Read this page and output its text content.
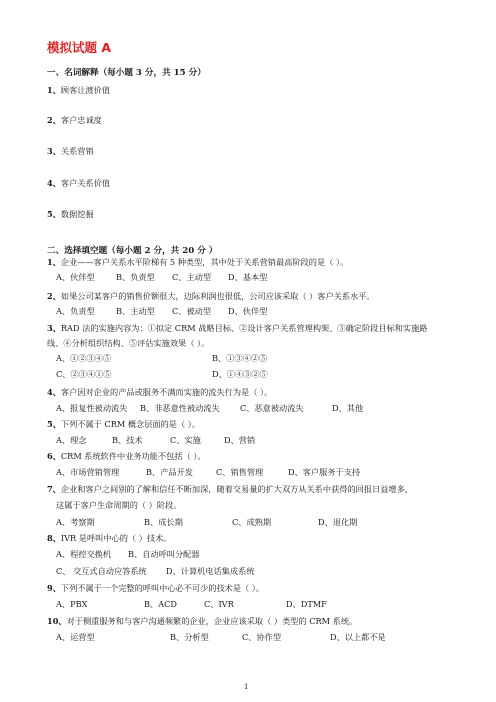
模拟试题 A
一、名词解释（每小题 3 分，共 15 分）
1、顾客让渡价值
2、客户忠诚度
3、关系营销
4、客户关系价值
5、数据挖掘
二、选择填空题（每小题 2 分，共 20 分 ）
1、企业——客户关系水平阶梯有 5 种类型，其中处于关系营销最高阶段的是（ ）。
A、伙伴型	B、负责型 C、主动型 D、基本型
2、如果公司某客户的销售价额很大，边际利润也很低，公司应该采取（ ）客户关系水平。
A、负责型	B、主动型 C、被动型 D、伙伴型
3、RAD 法的实施内容为：①拟定 CRM 战略目标、②设计客户关系管理构架、③确定阶段目标和实施路
线、④分析组织结构、⑤评估实施效果（ ）。
A、①②③④⑤	B、①③④②⑤
C、②③④①⑤	D、①④③②⑤
4、客户因对企业的产品或服务不满而实施的流失行为是（ ）。
A、报复性被动流失 B、非恶意性被动流失 C、恶意被动流失	D、其他
5、下列不属于 CRM 概念层面的是（ ）。
A、理念	B、技术	C、实施	D、营销
6、CRM 系统软件中业务功能不包括（ ）。
A、市场营销管理	B、产品开发	C、销售管理	D、客户服务于支持
7、企业和客户之间别的了解和信任不断加深，随着交易量的扩大双方从关系中获得的回报日益增多，
这属于客户生命周期的（ ）阶段。
A、考察期	B、成长期	C、成熟期	D、退化期
8、IVR 是呼叫中心的（ ）技术。
A、程控交换机 B、自动呼叫分配器
C、 交互式自动应答系统 D、计算机电话集成系统
9、下列不属于一个完整的呼叫中心必不可少的技术是（ ）。
A、PBX	B、ACD	C、IVR	D、DTMF
10、对于侧重服务和与客户沟通频繁的企业，企业应该采取（ ）类型的 CRM 系统。
A、运营型	B、分析型	C、协作型	D、以上都不是
1
